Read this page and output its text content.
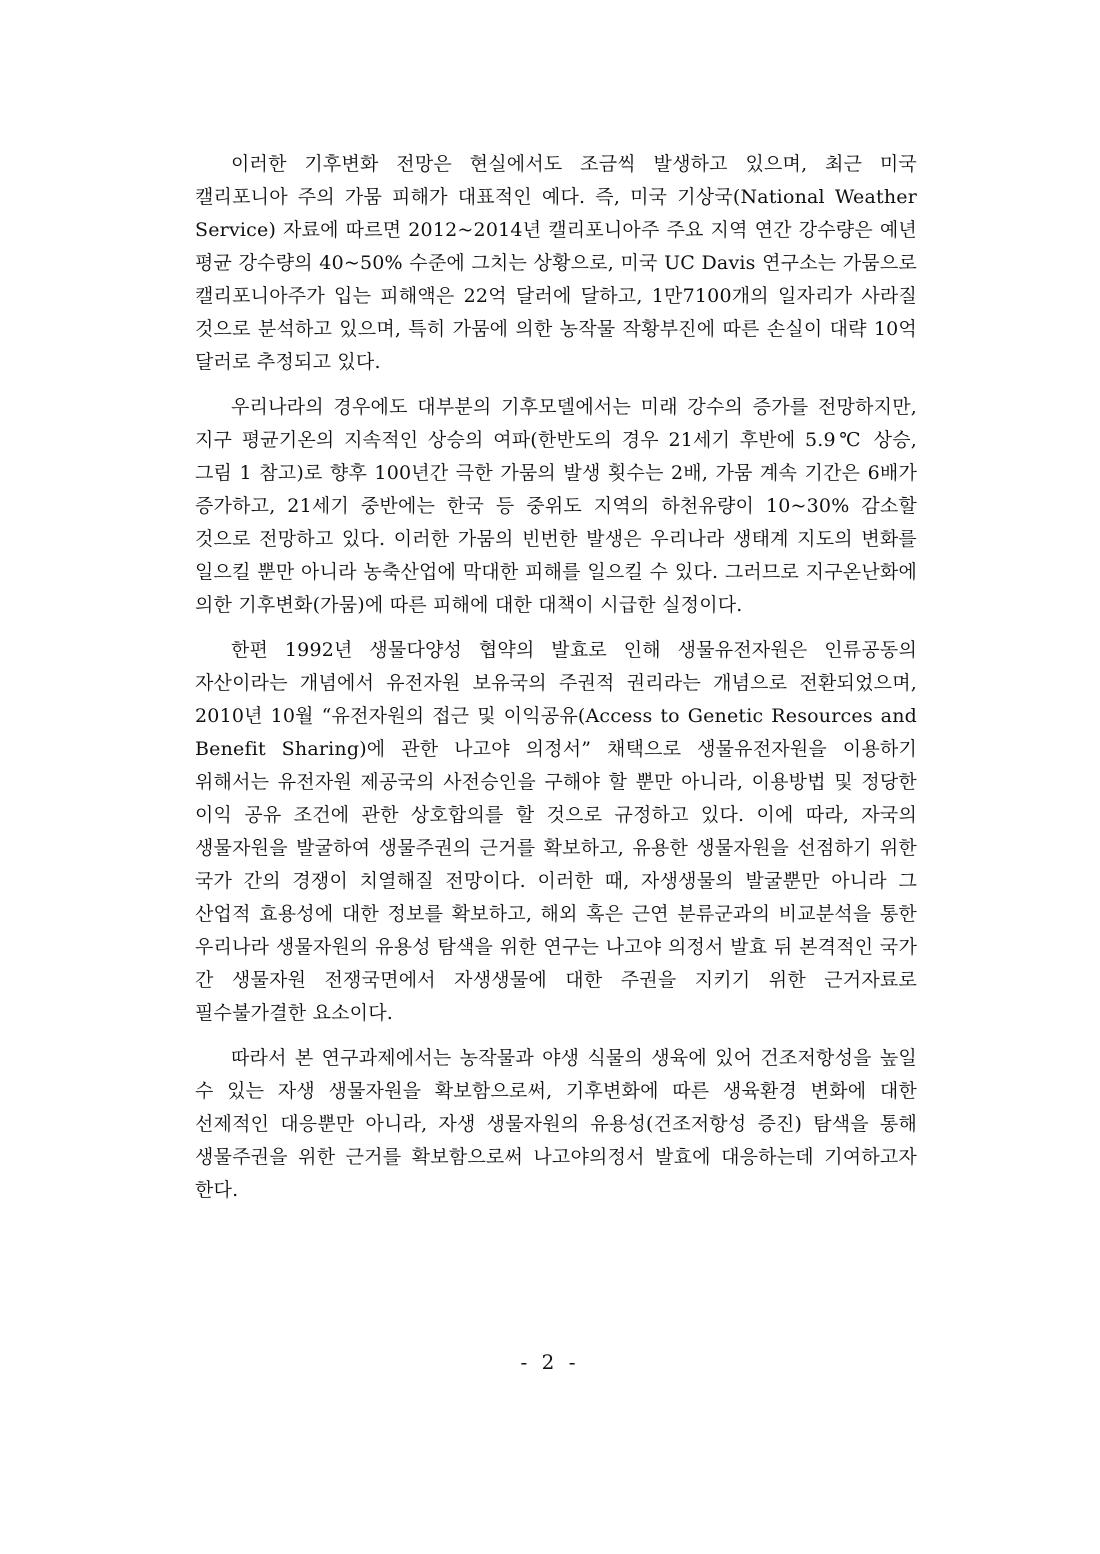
이러한 기후변화 전망은 현실에서도 조금씩 발생하고 있으며, 최근 미국 캘리포니아 주의 가뭄 피해가 대표적인 예다. 즉, 미국 기상국(National Weather Service) 자료에 따르면 2012~2014년 캘리포니아주 주요 지역 연간 강수량은 예년 평균 강수량의 40~50% 수준에 그치는 상황으로, 미국 UC Davis 연구소는 가뭄으로 캘리포니아주가 입는 피해액은 22억 달러에 달하고, 1만7100개의 일자리가 사라질 것으로 분석하고 있으며, 특히 가뭄에 의한 농작물 작황부진에 따른 손실이 대략 10억 달러로 추정되고 있다.

우리나라의 경우에도 대부분의 기후모델에서는 미래 강수의 증가를 전망하지만, 지구 평균기온의 지속적인 상승의 여파(한반도의 경우 21세기 후반에 5.9℃ 상승, 그림 1 참고)로 향후 100년간 극한 가뭄의 발생 횟수는 2배, 가뭄 계속 기간은 6배가 증가하고, 21세기 중반에는 한국 등 중위도 지역의 하천유량이 10~30% 감소할 것으로 전망하고 있다. 이러한 가뭄의 빈번한 발생은 우리나라 생태계 지도의 변화를 일으킬 뿐만 아니라 농축산업에 막대한 피해를 일으킬 수 있다. 그러므로 지구온난화에 의한 기후변화(가뭄)에 따른 피해에 대한 대책이 시급한 실정이다.

한편 1992년 생물다양성 협약의 발효로 인해 생물유전자원은 인류공동의 자산이라는 개념에서 유전자원 보유국의 주권적 권리라는 개념으로 전환되었으며, 2010년 10월 “유전자원의 접근 및 이익공유(Access to Genetic Resources and Benefit Sharing)에 관한 나고야 의정서” 채택으로 생물유전자원을 이용하기 위해서는 유전자원 제공국의 사전승인을 구해야 할 뿐만 아니라, 이용방법 및 정당한 이익 공유 조건에 관한 상호합의를 할 것으로 규정하고 있다. 이에 따라, 자국의 생물자원을 발굴하여 생물주권의 근거를 확보하고, 유용한 생물자원을 선점하기 위한 국가 간의 경쟁이 치열해질 전망이다. 이러한 때, 자생생물의 발굴뿐만 아니라 그 산업적 효용성에 대한 정보를 확보하고, 해외 혹은 근연 분류군과의 비교분석을 통한 우리나라 생물자원의 유용성 탐색을 위한 연구는 나고야 의정서 발효 뒤 본격적인 국가 간 생물자원 전쟁국면에서 자생생물에 대한 주권을 지키기 위한 근거자료로 필수불가결한 요소이다.

따라서 본 연구과제에서는 농작물과 야생 식물의 생육에 있어 건조저항성을 높일 수 있는 자생 생물자원을 확보함으로써, 기후변화에 따른 생육환경 변화에 대한 선제적인 대응뿐만 아니라, 자생 생물자원의 유용성(건조저항성 증진) 탐색을 통해 생물주권을 위한 근거를 확보함으로써 나고야의정서 발효에 대응하는데 기여하고자 한다.

- 2 -
